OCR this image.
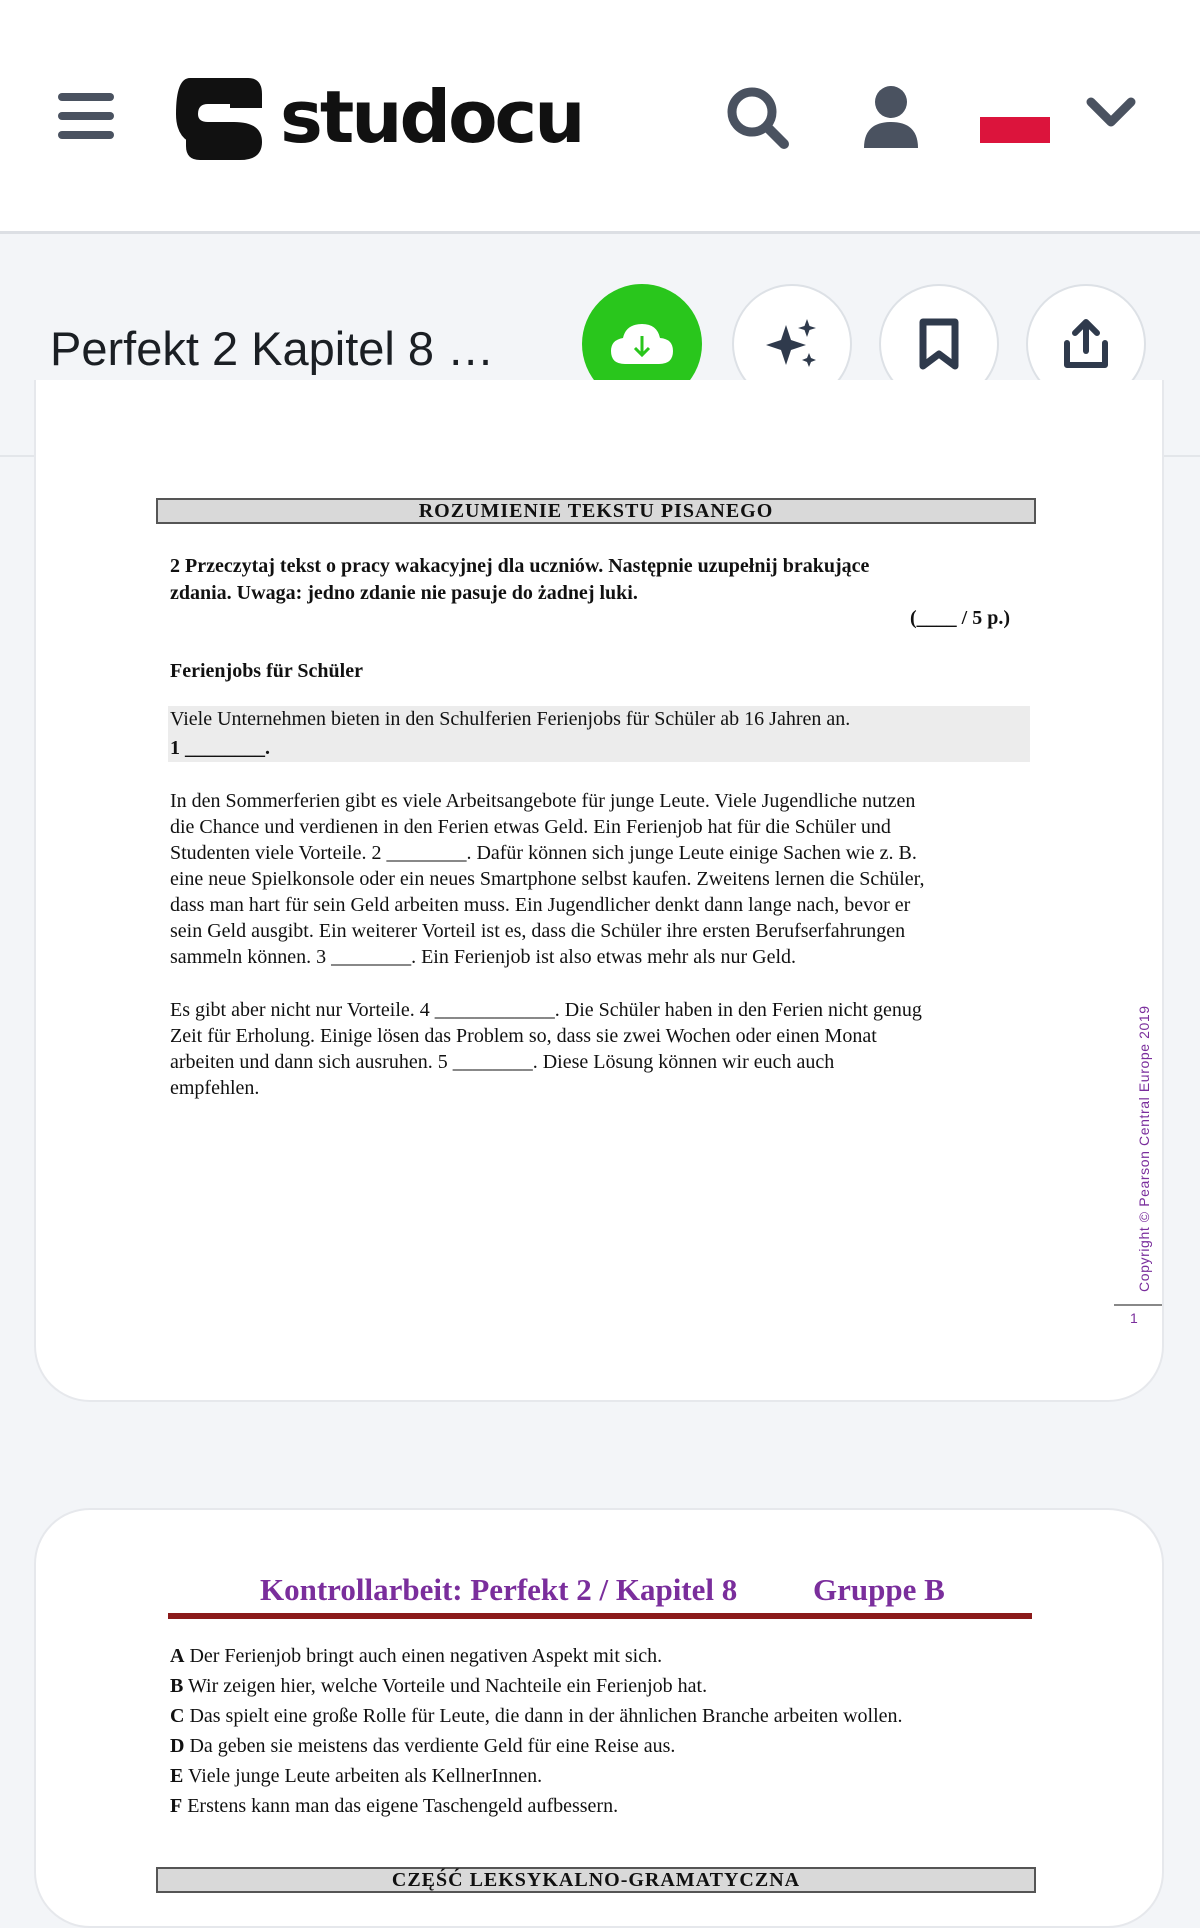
studocu
Perfekt 2 Kapitel 8 …
ROZUMIENIE TEKSTU PISANEGO
2 Przeczytaj tekst o pracy wakacyjnej dla uczniów. Następnie uzupełnij brakujące
zdania. Uwaga: jedno zdanie nie pasuje do żadnej luki.
(____ / 5 p.)
Ferienjobs für Schüler
Viele Unternehmen bieten in den Schulferien Ferienjobs für Schüler ab 16 Jahren an.
1 ________.
In den Sommerferien gibt es viele Arbeitsangebote für junge Leute. Viele Jugendliche nutzen
die Chance und verdienen in den Ferien etwas Geld. Ein Ferienjob hat für die Schüler und
Studenten viele Vorteile. 2 ________. Dafür können sich junge Leute einige Sachen wie z. B.
eine neue Spielkonsole oder ein neues Smartphone selbst kaufen. Zweitens lernen die Schüler,
dass man hart für sein Geld arbeiten muss. Ein Jugendlicher denkt dann lange nach, bevor er
sein Geld ausgibt. Ein weiterer Vorteil ist es, dass die Schüler ihre ersten Berufserfahrungen
sammeln können. 3 ________. Ein Ferienjob ist also etwas mehr als nur Geld.
Es gibt aber nicht nur Vorteile. 4 ____________. Die Schüler haben in den Ferien nicht genug
Zeit für Erholung. Einige lösen das Problem so, dass sie zwei Wochen oder einen Monat
arbeiten und dann sich ausruhen. 5 ________. Diese Lösung können wir euch auch
empfehlen.	Copyright © Pearson Central Europe 2019
1
Kontrollarbeit: Perfekt 2 / Kapitel 8 Gruppe B
A Der Ferienjob bringt auch einen negativen Aspekt mit sich.
B Wir zeigen hier, welche Vorteile und Nachteile ein Ferienjob hat.
C Das spielt eine große Rolle für Leute, die dann in der ähnlichen Branche arbeiten wollen.
D Da geben sie meistens das verdiente Geld für eine Reise aus.
E Viele junge Leute arbeiten als KellnerInnen.
F Erstens kann man das eigene Taschengeld aufbessern.
CZĘŚĆ LEKSYKALNO-GRAMATYCZNA
